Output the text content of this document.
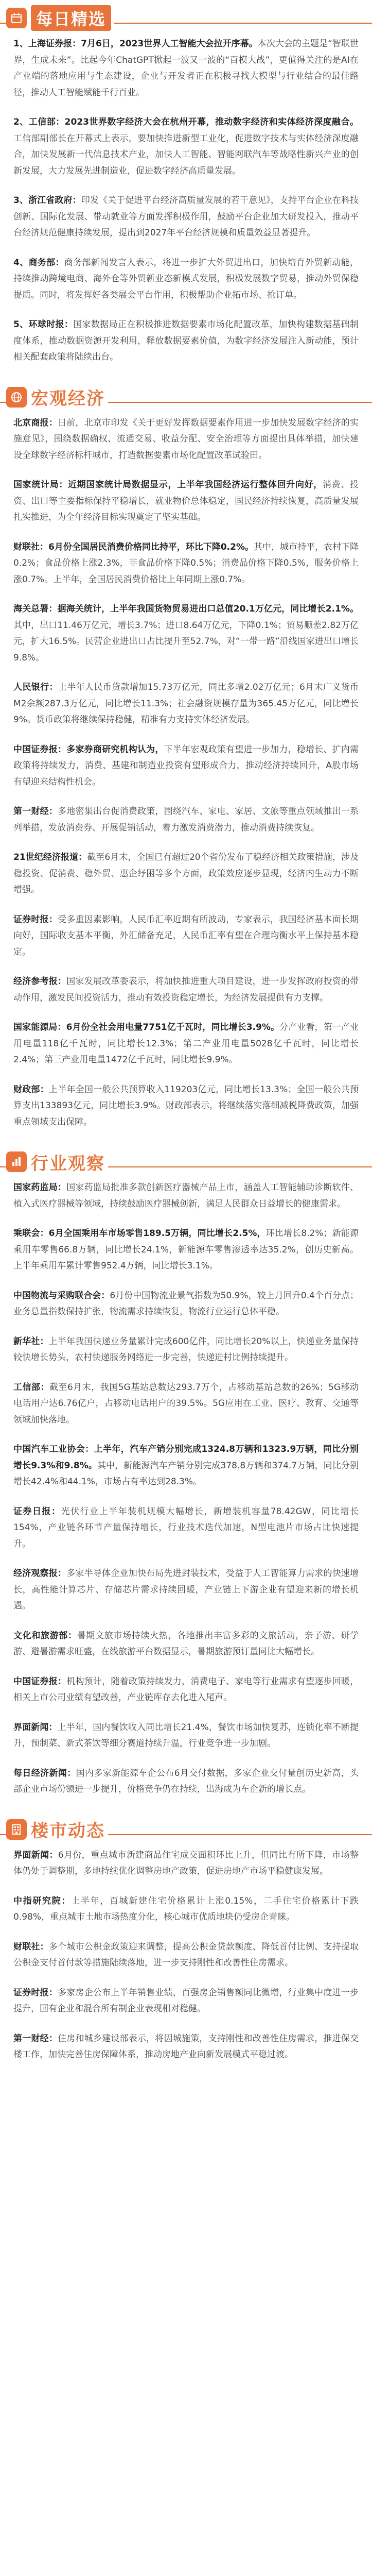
每日精选

1、上海证券报：7月6日，2023世界人工智能大会拉开序幕。本次大会的主题是“智联世界，生成未来”。比起今年ChatGPT掀起一波又一波的“百模大战”，更值得关注的是AI在产业端的落地应用与生态建设，企业与开发者正在积极寻找大模型与行业结合的最佳路径，推动人工智能赋能千行百业。

2、工信部：2023世界数字经济大会在杭州开幕，推动数字经济和实体经济深度融合。工信部副部长在开幕式上表示，要加快推进新型工业化，促进数字技术与实体经济深度融合，加快发展新一代信息技术产业，加快人工智能、智能网联汽车等战略性新兴产业的创新发展，大力发展先进制造业，促进数字经济高质量发展。

3、浙江省政府：印发《关于促进平台经济高质量发展的若干意见》，支持平台企业在科技创新、国际化发展、带动就业等方面发挥积极作用，鼓励平台企业加大研发投入，推动平台经济规范健康持续发展，提出到2027年平台经济规模和质量效益显著提升。

4、商务部：商务部新闻发言人表示，将进一步扩大外贸进出口，加快培育外贸新动能，持续推动跨境电商、海外仓等外贸新业态新模式发展，积极发展数字贸易，推动外贸保稳提质。同时，将发挥好各类展会平台作用，积极帮助企业拓市场、抢订单。

5、环球时报：国家数据局正在积极推进数据要素市场化配置改革，加快构建数据基础制度体系，推动数据资源开发利用，释放数据要素价值，为数字经济发展注入新动能，预计相关配套政策将陆续出台。

宏观经济

北京商报：日前，北京市印发《关于更好发挥数据要素作用进一步加快发展数字经济的实施意见》，围绕数据确权、流通交易、收益分配、安全治理等方面提出具体举措，加快建设全球数字经济标杆城市，打造数据要素市场化配置改革试验田。

国家统计局：近期国家统计局数据显示，上半年我国经济运行整体回升向好，消费、投资、出口等主要指标保持平稳增长，就业物价总体稳定，国民经济持续恢复，高质量发展扎实推进，为全年经济目标实现奠定了坚实基础。

财联社：6月份全国居民消费价格同比持平，环比下降0.2%。其中，城市持平，农村下降0.2%；食品价格上涨2.3%，非食品价格下降0.5%；消费品价格下降0.5%，服务价格上涨0.7%。上半年，全国居民消费价格比上年同期上涨0.7%。

海关总署：据海关统计，上半年我国货物贸易进出口总值20.1万亿元，同比增长2.1%。其中，出口11.46万亿元，增长3.7%；进口8.64万亿元，下降0.1%；贸易顺差2.82万亿元，扩大16.5%。民营企业进出口占比提升至52.7%，对“一带一路”沿线国家进出口增长9.8%。

人民银行：上半年人民币贷款增加15.73万亿元，同比多增2.02万亿元；6月末广义货币M2余额287.3万亿元，同比增长11.3%；社会融资规模存量为365.45万亿元，同比增长9%。货币政策将继续保持稳健，精准有力支持实体经济发展。

中国证券报：多家券商研究机构认为，下半年宏观政策有望进一步加力，稳增长、扩内需政策将持续发力，消费、基建和制造业投资有望形成合力，推动经济持续回升，A股市场有望迎来结构性机会。

第一财经：多地密集出台促消费政策，围绕汽车、家电、家居、文旅等重点领域推出一系列举措，发放消费券、开展促销活动，着力激发消费潜力，推动消费持续恢复。

21世纪经济报道：截至6月末，全国已有超过20个省份发布了稳经济相关政策措施，涉及稳投资、促消费、稳外贸、惠企纾困等多个方面，政策效应逐步显现，经济内生动力不断增强。

证券时报：受多重因素影响，人民币汇率近期有所波动，专家表示，我国经济基本面长期向好，国际收支基本平衡，外汇储备充足，人民币汇率有望在合理均衡水平上保持基本稳定。

经济参考报：国家发展改革委表示，将加快推进重大项目建设，进一步发挥政府投资的带动作用，激发民间投资活力，推动有效投资稳定增长，为经济发展提供有力支撑。

国家能源局：6月份全社会用电量7751亿千瓦时，同比增长3.9%。分产业看，第一产业用电量118亿千瓦时，同比增长12.3%；第二产业用电量5028亿千瓦时，同比增长2.4%；第三产业用电量1472亿千瓦时，同比增长9.9%。

财政部：上半年全国一般公共预算收入119203亿元，同比增长13.3%；全国一般公共预算支出133893亿元，同比增长3.9%。财政部表示，将继续落实落细减税降费政策，加强重点领域支出保障。

行业观察

国家药监局：国家药监局批准多款创新医疗器械产品上市，涵盖人工智能辅助诊断软件、植入式医疗器械等领域，持续鼓励医疗器械创新，满足人民群众日益增长的健康需求。

乘联会：6月全国乘用车市场零售189.5万辆，同比增长2.5%，环比增长8.2%；新能源乘用车零售66.8万辆，同比增长24.1%，新能源车零售渗透率达35.2%，创历史新高。上半年乘用车累计零售952.4万辆，同比增长3.1%。

中国物流与采购联合会：6月份中国物流业景气指数为50.9%，较上月回升0.4个百分点；业务总量指数保持扩张，物流需求持续恢复，物流行业运行总体平稳。

新华社：上半年我国快递业务量累计完成600亿件，同比增长20%以上，快递业务量保持较快增长势头，农村快递服务网络进一步完善，快递进村比例持续提升。

工信部：截至6月末，我国5G基站总数达293.7万个，占移动基站总数的26%；5G移动电话用户达6.76亿户，占移动电话用户的39.5%。5G应用在工业、医疗、教育、交通等领域加快落地。

中国汽车工业协会：上半年，汽车产销分别完成1324.8万辆和1323.9万辆，同比分别增长9.3%和9.8%。其中，新能源汽车产销分别完成378.8万辆和374.7万辆，同比分别增长42.4%和44.1%，市场占有率达到28.3%。

证券日报：光伏行业上半年装机规模大幅增长，新增装机容量78.42GW，同比增长154%，产业链各环节产量保持增长，行业技术迭代加速，N型电池片市场占比快速提升。

经济观察报：多家半导体企业加快布局先进封装技术，受益于人工智能算力需求的快速增长，高性能计算芯片、存储芯片需求持续回暖，产业链上下游企业有望迎来新的增长机遇。

文化和旅游部：暑期文旅市场持续火热，各地推出丰富多彩的文旅活动，亲子游、研学游、避暑游需求旺盛，在线旅游平台数据显示，暑期旅游预订量同比大幅增长。

中国证券报：机构预计，随着政策持续发力，消费电子、家电等行业需求有望逐步回暖，相关上市公司业绩有望改善，产业链库存去化进入尾声。

界面新闻：上半年，国内餐饮收入同比增长21.4%，餐饮市场加快复苏，连锁化率不断提升，预制菜、新式茶饮等细分赛道持续升温，行业竞争进一步加剧。

每日经济新闻：国内多家新能源车企公布6月交付数据，多家企业交付量创历史新高，头部企业市场份额进一步提升，价格竞争仍在持续，出海成为车企新的增长点。

楼市动态

界面新闻：6月份，重点城市新建商品住宅成交面积环比上升，但同比有所下降，市场整体仍处于调整期，多地持续优化调整房地产政策，促进房地产市场平稳健康发展。

中指研究院：上半年，百城新建住宅价格累计上涨0.15%，二手住宅价格累计下跌0.98%，重点城市土地市场热度分化，核心城市优质地块仍受房企青睐。

财联社：多个城市公积金政策迎来调整，提高公积金贷款额度、降低首付比例、支持提取公积金支付首付款等措施陆续落地，进一步支持刚性和改善性住房需求。

证券时报：多家房企公布上半年销售业绩，百强房企销售额同比微增，行业集中度进一步提升，国有企业和混合所有制企业表现相对稳健。

第一财经：住房和城乡建设部表示，将因城施策，支持刚性和改善性住房需求，推进保交楼工作，加快完善住房保障体系，推动房地产业向新发展模式平稳过渡。
